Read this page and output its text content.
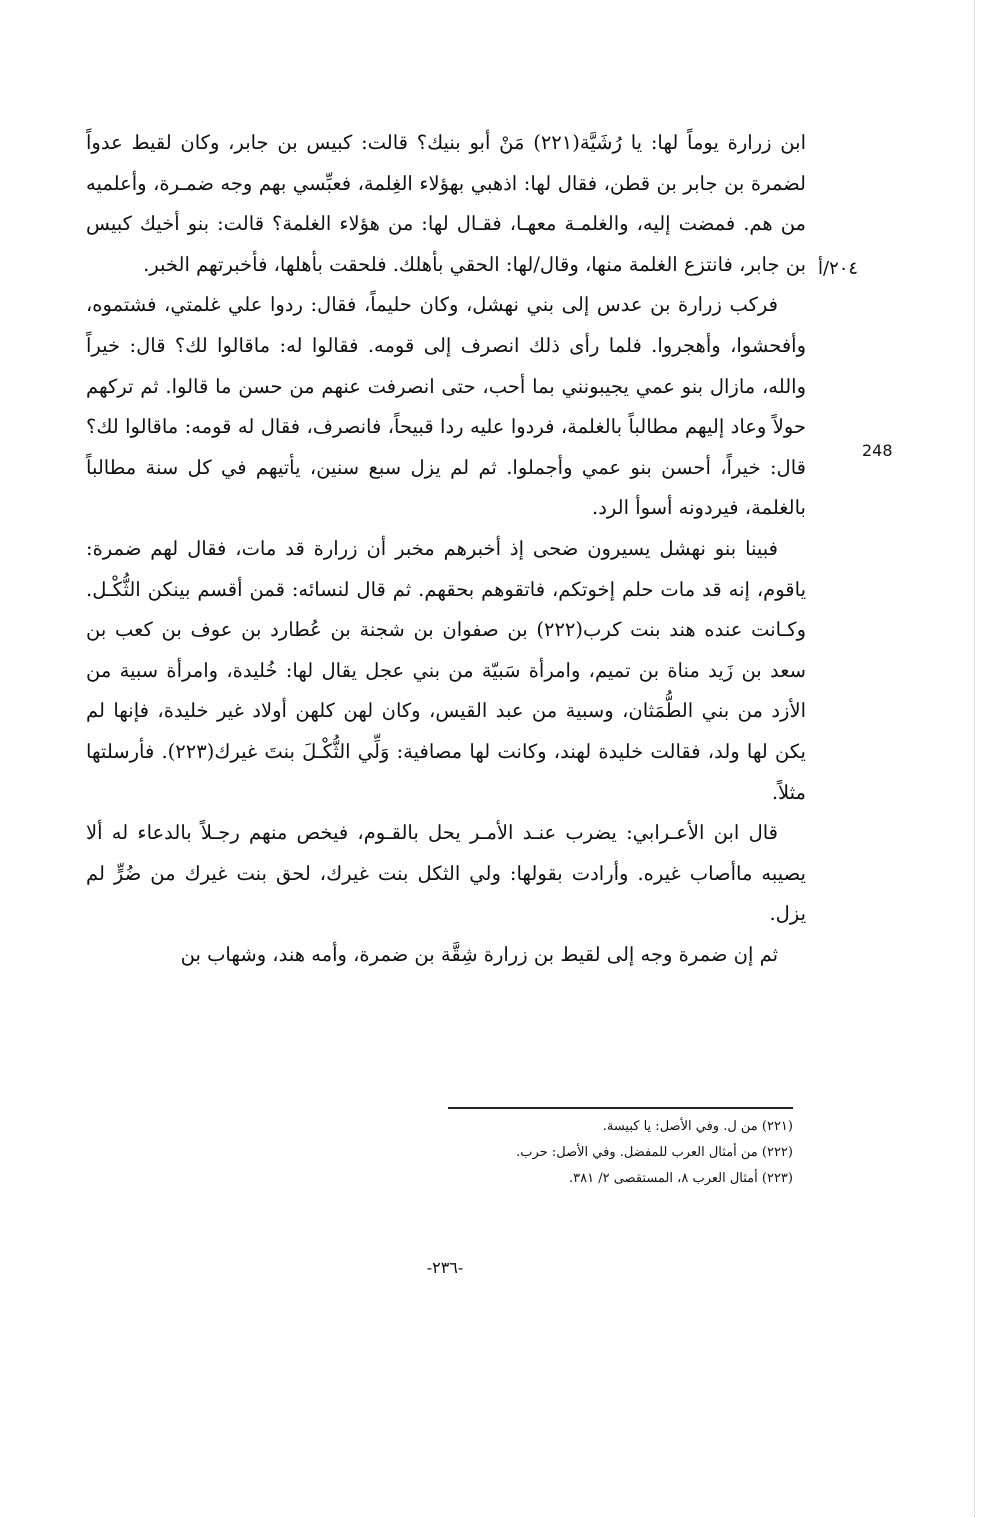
٢٠٤/أ
248

ابن زرارة يوماً لها: يا رُشَيَّة(٢٢١) مَنْ أبو بنيك؟ قالت: كبيس بن جابر، وكان لقيط عدواً لضمرة بن جابر بن قطن، فقال لها: اذهبي بهؤلاء الغِلمة، فعبِّسي بهم وجه ضمـرة، وأعلميه من هم. فمضت إليه، والغلمـة معهـا، فقـال لها: من هؤلاء الغلمة؟ قالت: بنو أخيك كبيس بن جابر، فانتزع الغلمة منها، وقال/لها: الحقي بأهلك. فلحقت بأهلها، فأخبرتهم الخبر.

فركب زرارة بن عدس إلى بني نهشل، وكان حليماً، فقال: ردوا علي غلمتي، فشتموه، وأفحشوا، وأهجروا. فلما رأى ذلك انصرف إلى قومه. فقالوا له: ماقالوا لك؟ قال: خيراً والله، مازال بنو عمي يجيبونني بما أحب، حتى انصرفت عنهم من حسن ما قالوا. ثم تركهم حولاً وعاد إليهم مطالباً بالغلمة، فردوا عليه ردا قبيحاً، فانصرف، فقال له قومه: ماقالوا لك؟ قال: خيراً، أحسن بنو عمي وأجملوا. ثم لم يزل سبع سنين، يأتيهم في كل سنة مطالباً بالغلمة، فيردونه أسوأ الرد.

فبينا بنو نهشل يسيرون ضحى إذ أخبرهم مخبر أن زرارة قد مات، فقال لهم ضمرة: ياقوم، إنه قد مات حلم إخوتكم، فاتقوهم بحقهم. ثم قال لنسائه: قمن أقسم بينكن الثُّكْـل. وكـانت عنده هند بنت كرب(٢٢٢) بن صفوان بن شجنة بن عُطارد بن عوف بن كعب بن سعد بن زَيد مناة بن تميم، وامرأة سَبيّة من بني عجل يقال لها: خُليدة، وامرأة سبية من الأزد من بني الطُّمَثان، وسبية من عبد القيس، وكان لهن كلهن أولاد غير خليدة، فإنها لم يكن لها ولد، فقالت خليدة لهند، وكانت لها مصافية: وَلِّي الثُّكْـلَ بنتَ غيرك(٢٢٣). فأرسلتها مثلاً.

قال ابن الأعـرابي: يضرب عنـد الأمـر يحل بالقـوم، فيخص منهم رجـلاً بالدعاء له ألا يصيبه ماأصاب غيره. وأرادت بقولها: ولي الثكل بنت غيرك، لحق بنت غيرك من ضُرٍّ لم يزل.

ثم إن ضمرة وجه إلى لقيط بن زرارة شِقَّة بن ضمرة، وأمه هند، وشهاب بن

(٢٢١) من ل. وفي الأصل: يا كبيسة.
(٢٢٢) من أمثال العرب للمفضل. وفي الأصل: حرب.
(٢٢٣) أمثال العرب ٨، المستقصى ٢/ ٣٨١.
-٢٣٦-
